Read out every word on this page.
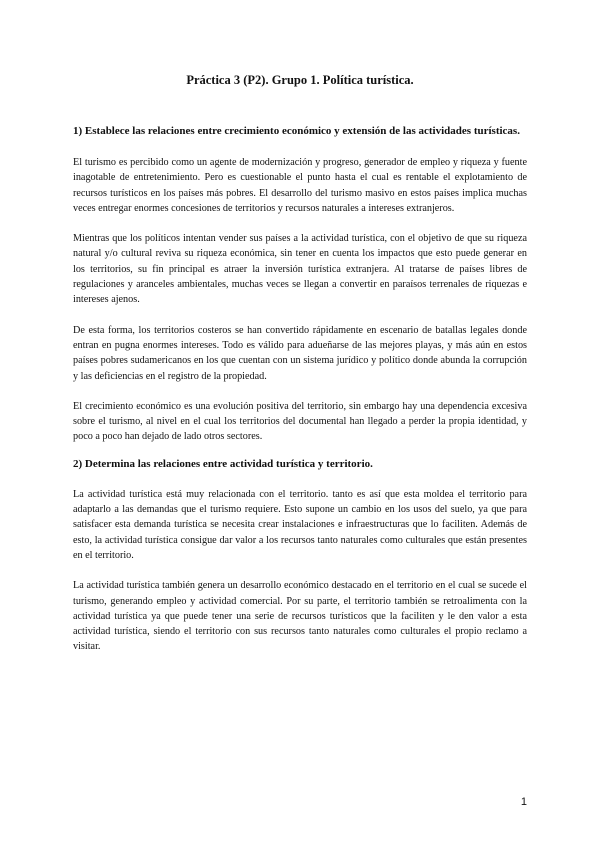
Práctica 3 (P2). Grupo 1. Política turística.

1) Establece las relaciones entre crecimiento económico y extensión de las actividades turísticas.

El turismo es percibido como un agente de modernización y progreso, generador de empleo y riqueza y fuente inagotable de entretenimiento. Pero es cuestionable el punto hasta el cual es rentable el explotamiento de recursos turísticos en los países más pobres. El desarrollo del turismo masivo en estos países implica muchas veces entregar enormes concesiones de territorios y recursos naturales a intereses extranjeros.

Mientras que los políticos intentan vender sus países a la actividad turística, con el objetivo de que su riqueza natural y/o cultural reviva su riqueza económica, sin tener en cuenta los impactos que esto puede generar en los territorios, su fin principal es atraer la inversión turística extranjera. Al tratarse de países libres de regulaciones y aranceles ambientales, muchas veces se llegan a convertir en paraísos terrenales de riquezas e intereses ajenos.

De esta forma, los territorios costeros se han convertido rápidamente en escenario de batallas legales donde entran en pugna enormes intereses. Todo es válido para adueñarse de las mejores playas, y más aún en estos países pobres sudamericanos en los que cuentan con un sistema jurídico y político donde abunda la corrupción y las deficiencias en el registro de la propiedad.

El crecimiento económico es una evolución positiva del territorio, sin embargo hay una dependencia excesiva sobre el turismo, al nivel en el cual los territorios del documental han llegado a perder la propia identidad, y poco a poco han dejado de lado otros sectores.

2) Determina las relaciones entre actividad turística y territorio.

La actividad turística está muy relacionada con el territorio. tanto es así que esta moldea el territorio para adaptarlo a las demandas que el turismo requiere. Esto supone un cambio en los usos del suelo, ya que para satisfacer esta demanda turística se necesita crear instalaciones e infraestructuras que lo faciliten. Además de esto, la actividad turística consigue dar valor a los recursos tanto naturales como culturales que están presentes en el territorio.

La actividad turística también genera un desarrollo económico destacado en el territorio en el cual se sucede el turismo, generando empleo y actividad comercial. Por su parte, el territorio también se retroalimenta con la actividad turística ya que puede tener una serie de recursos turísticos que la faciliten y le den valor a esta actividad turística, siendo el territorio con sus recursos tanto naturales como culturales el propio reclamo a visitar.

1
